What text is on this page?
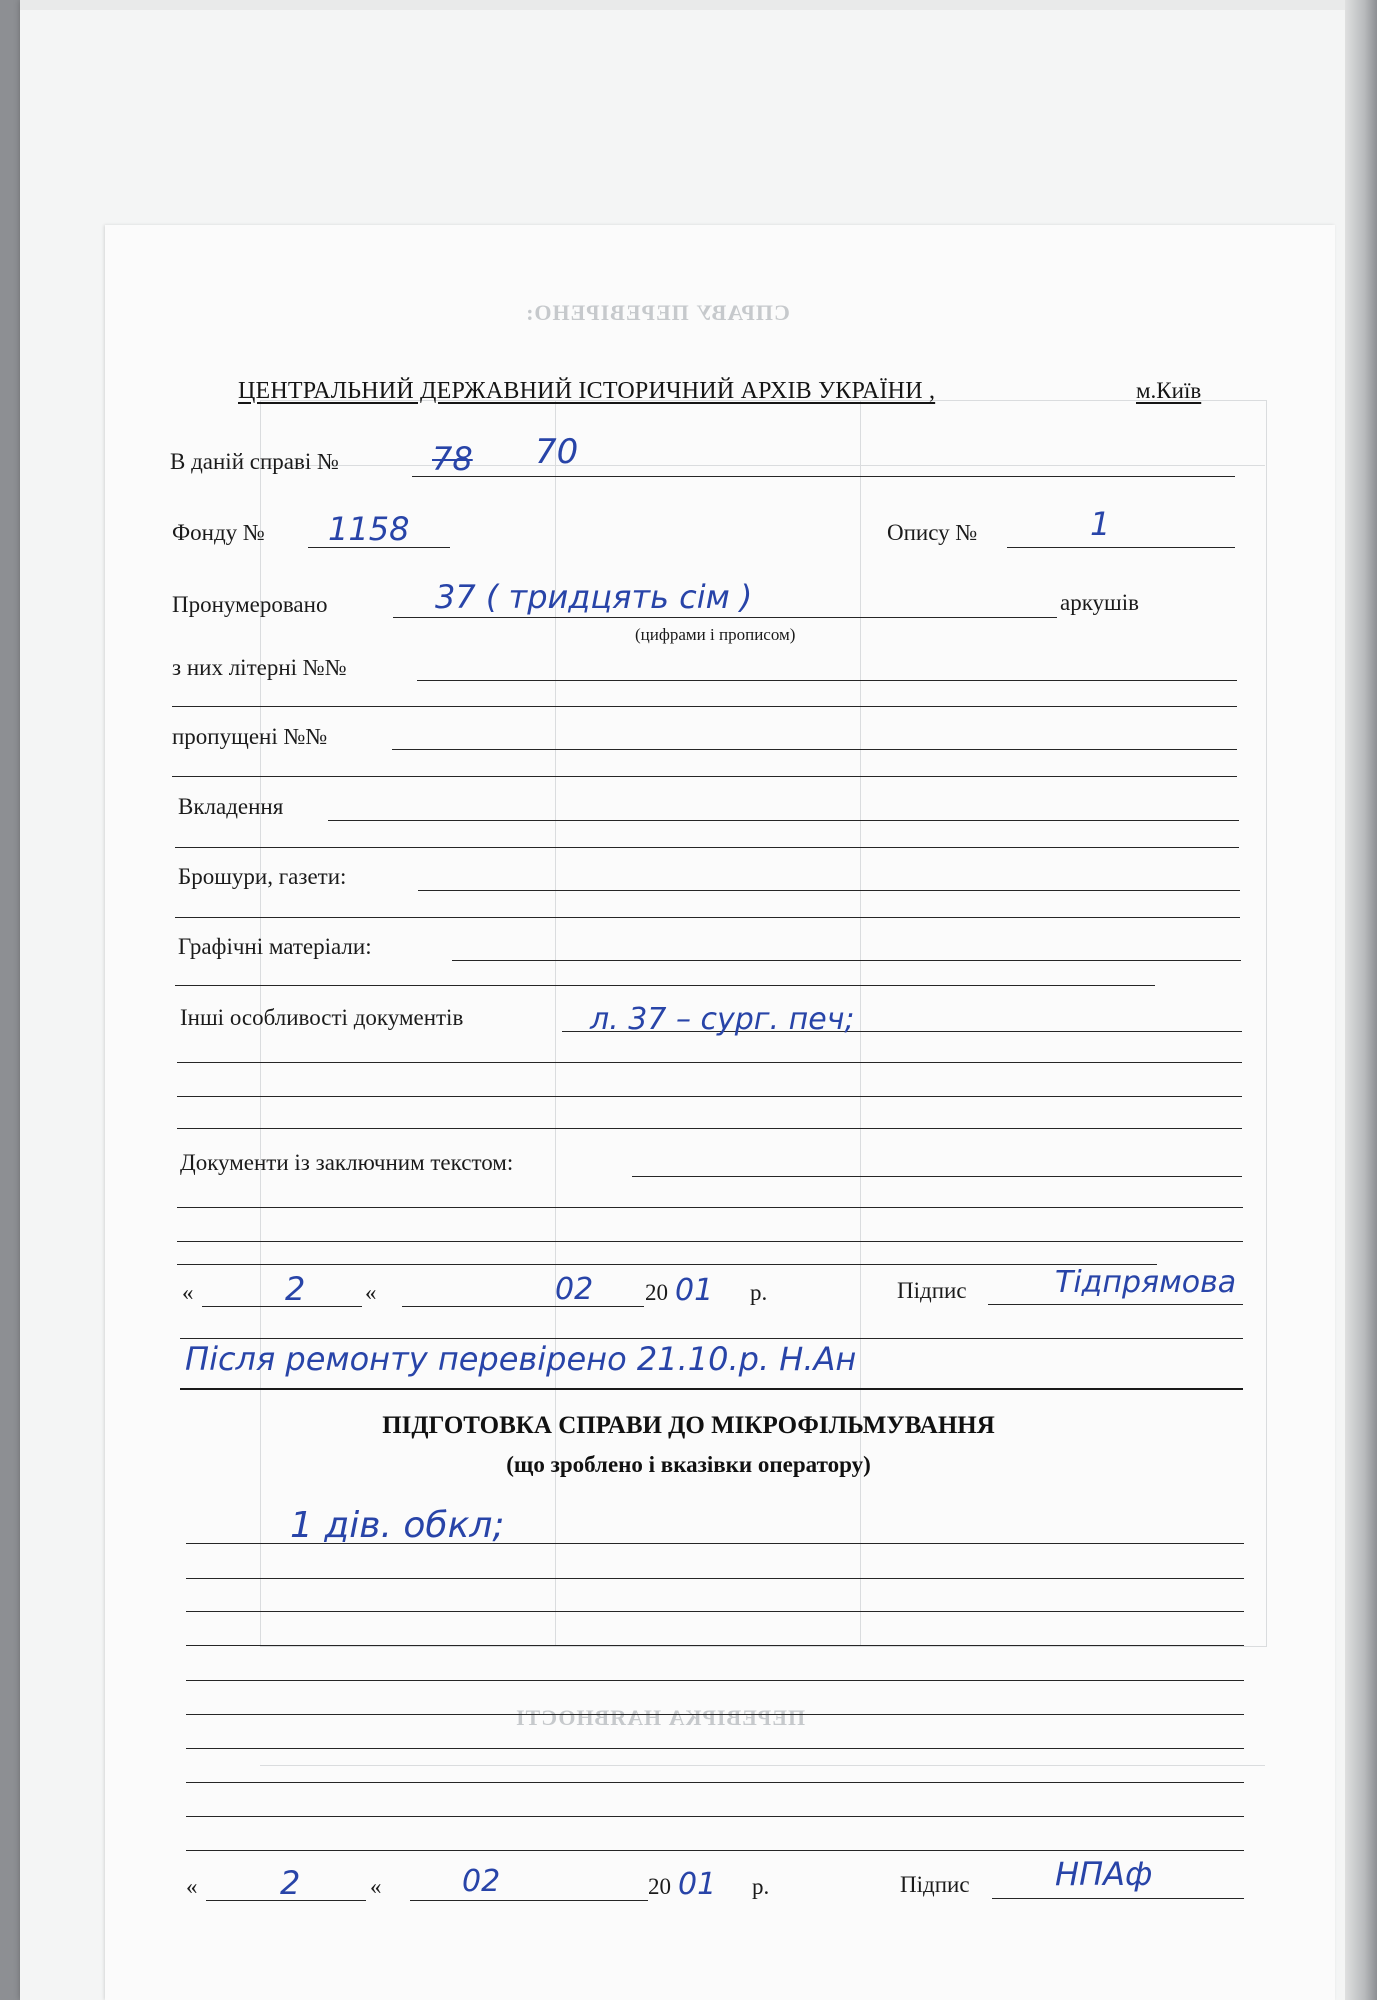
СПРАВУ ПЕРЕВІРЕНО:
ПЕРЕВІРКА НАЯВНОСТІ
ЦЕНТРАЛЬНИЙ ДЕРЖАВНИЙ ІСТОРИЧНИЙ АРХІВ УКРАЇНИ ,	м.Київ
В даній справі №	78 70
Фонду № 1158	Опису №	1
Пронумеровано	37 ( тридцять сім )	аркушів
(цифрами і прописом)
з них літерні №№
пропущені №№
Вкладення
Брошури, газети:
Графічні матеріали:
Інші особливості документів	л. 37 – сург. печ;
Документи із заключним текстом:
«	2	«	02 20 01 р.	Підпис	Тідпрямова
Після ремонту перевірено 21.10.р. Н.Ан
ПІДГОТОВКА СПРАВИ ДО МІКРОФІЛЬМУВАННЯ
(що зроблено і вказівки оператору)
1 дів. обкл;
«	2	«	02	20 01 р.	Підпис	НПАф
